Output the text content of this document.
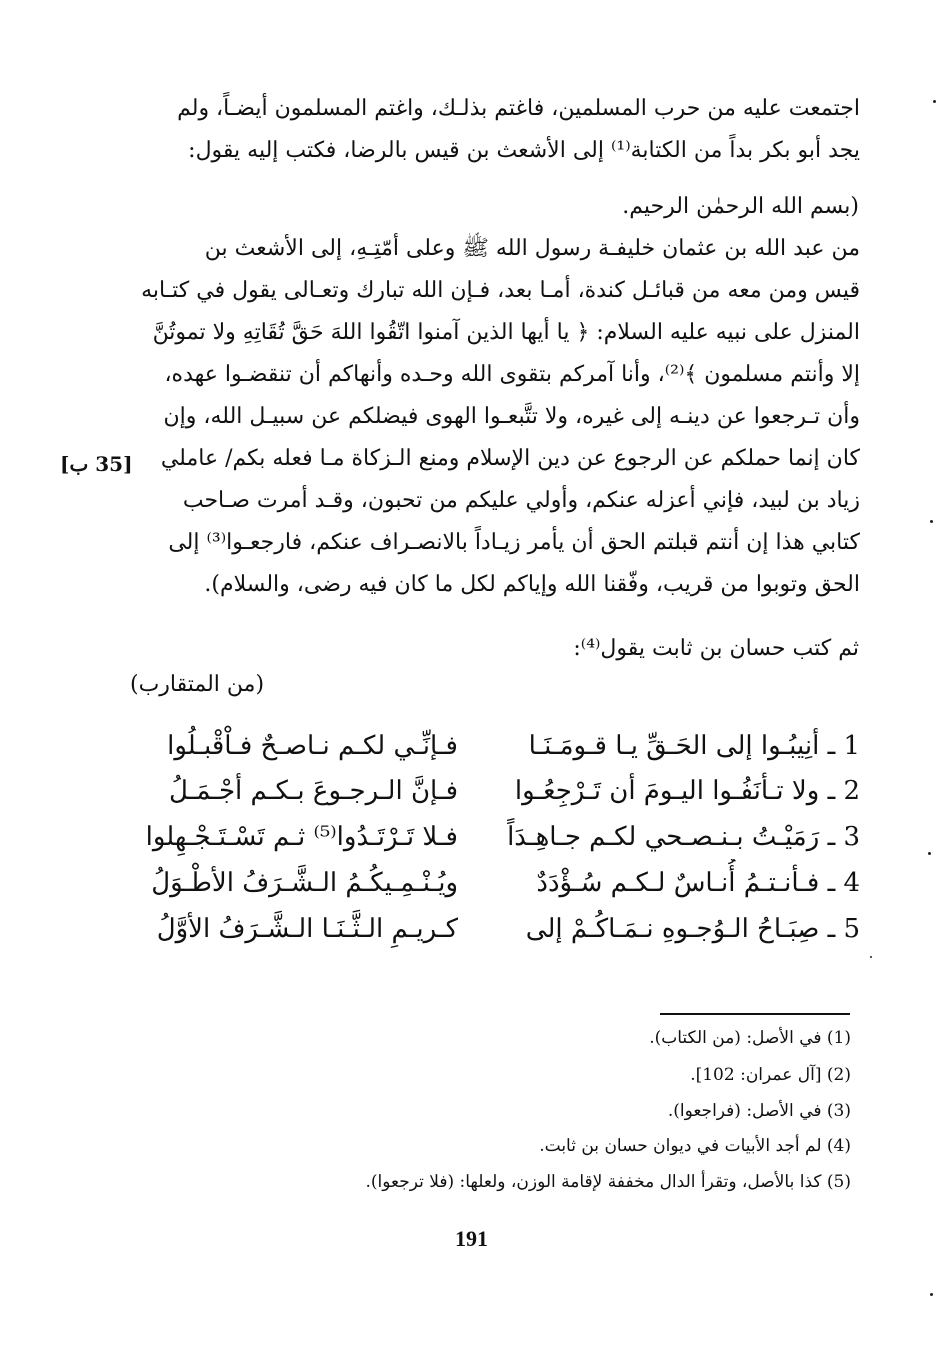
اجتمعت عليه من حرب المسلمين، فاغتم بذلـك، واغتم المسلمون أيضـاً، ولم
يجد أبو بكر بداً من الكتابة⁽¹⁾ إلى الأشعث بن قيس بالرضا، فكتب إليه يقول:
(بسم الله الرحمٰن الرحيم.
من عبد الله بن عثمان خليفـة رسول الله ﷺ وعلى أمّتِـهِ، إلى الأشعث بن
قيس ومن معه من قبائـل كندة، أمـا بعد، فـإن الله تبارك وتعـالى يقول في كتـابه
المنزل على نبيه عليه السلام: ﴿ يا أيها الذين آمنوا اتّقُوا اللهَ حَقَّ تُقَاتِهِ ولا تموتُنَّ
إلا وأنتم مسلمون ﴾⁽²⁾، وأنا آمركم بتقوى الله وحـده وأنهاكم أن تنقضـوا عهده،
وأن تـرجعوا عن دينـه إلى غيره، ولا تتَّبعـوا الهوى فيضلكم عن سبيـل الله، وإن
كان إنما حملكم عن الرجوع عن دين الإسلام ومنع الـزكاة مـا فعله بكم/ عاملي
زياد بن لبيد، فإني أعزله عنكم، وأولي عليكم من تحبون، وقـد أمرت صـاحب
كتابي هذا إن أنتم قبلتم الحق أن يأمر زيـاداً بالانصـراف عنكم، فارجعـوا⁽³⁾ إلى
الحق وتوبوا من قريب، وفّقنا الله وإياكم لكل ما كان فيه رضى، والسلام).
[35 ب]
ثم كتب حسان بن ثابت يقول⁽⁴⁾:
(من المتقارب)
1 ـ أنِيبُـوا إلى الحَـقِّ يـا قـومَـنَـا
فـإنِّـي لكـم نـاصـحٌ فـاْقْبـلُوا
2 ـ ولا تـأنَفُـوا اليـومَ أن تَـرْجِعُـوا
فـإنَّ الـرجـوعَ بـكـم أجْـمَـلُ
3 ـ رَمَيْـتُ بـنـصـحي لكـم جـاهِـدَاً
فـلا تَـرْتَـدُوا⁽⁵⁾ ثـم تَسْـتَـجْـهِلوا
4 ـ فـأنـتـمُ أُنـاسٌ لـكـم سُـؤْدَدٌ
ويُـنْـمِـيكُـمُ الـشَّـرَفُ الأطْـوَلُ
5 ـ صِبَـاحُ الـوُجـوهِ نـمَـاكُـمْ إلى
كـريـمِ الـثَّـنَـا الـشَّـرَفُ الأوَّلُ
(1) في الأصل: (من الكتاب).
(2) [آل عمران: 102].
(3) في الأصل: (فراجعوا).
(4) لم أجد الأبيات في ديوان حسان بن ثابت.
(5) كذا بالأصل، وتقرأ الدال مخففة لإقامة الوزن، ولعلها: (فلا ترجعوا).
191
